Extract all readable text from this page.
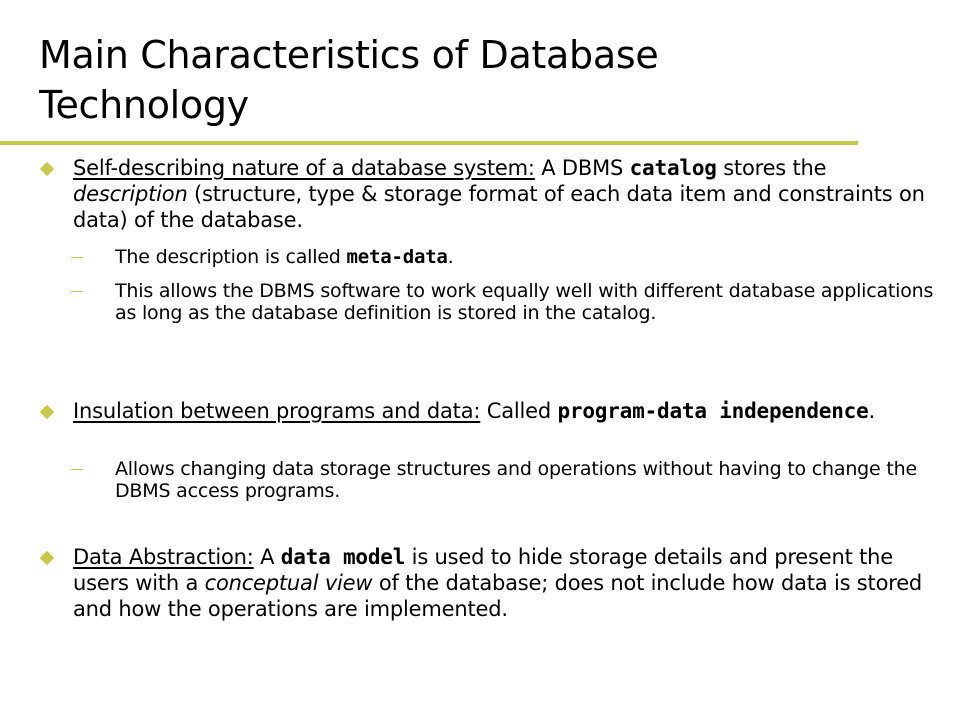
Main Characteristics of Database Technology
Self-describing nature of a database system: A DBMS catalog stores the description (structure, type & storage format of each data item and constraints on data) of the database.
The description is called meta-data.
This allows the DBMS software to work equally well with different database applications as long as the database definition is stored in the catalog.
Insulation between programs and data: Called program-data independence.
Allows changing data storage structures and operations without having to change the DBMS access programs.
Data Abstraction: A data model is used to hide storage details and present the users with a conceptual view of the database; does not include how data is stored and how the operations are implemented.
